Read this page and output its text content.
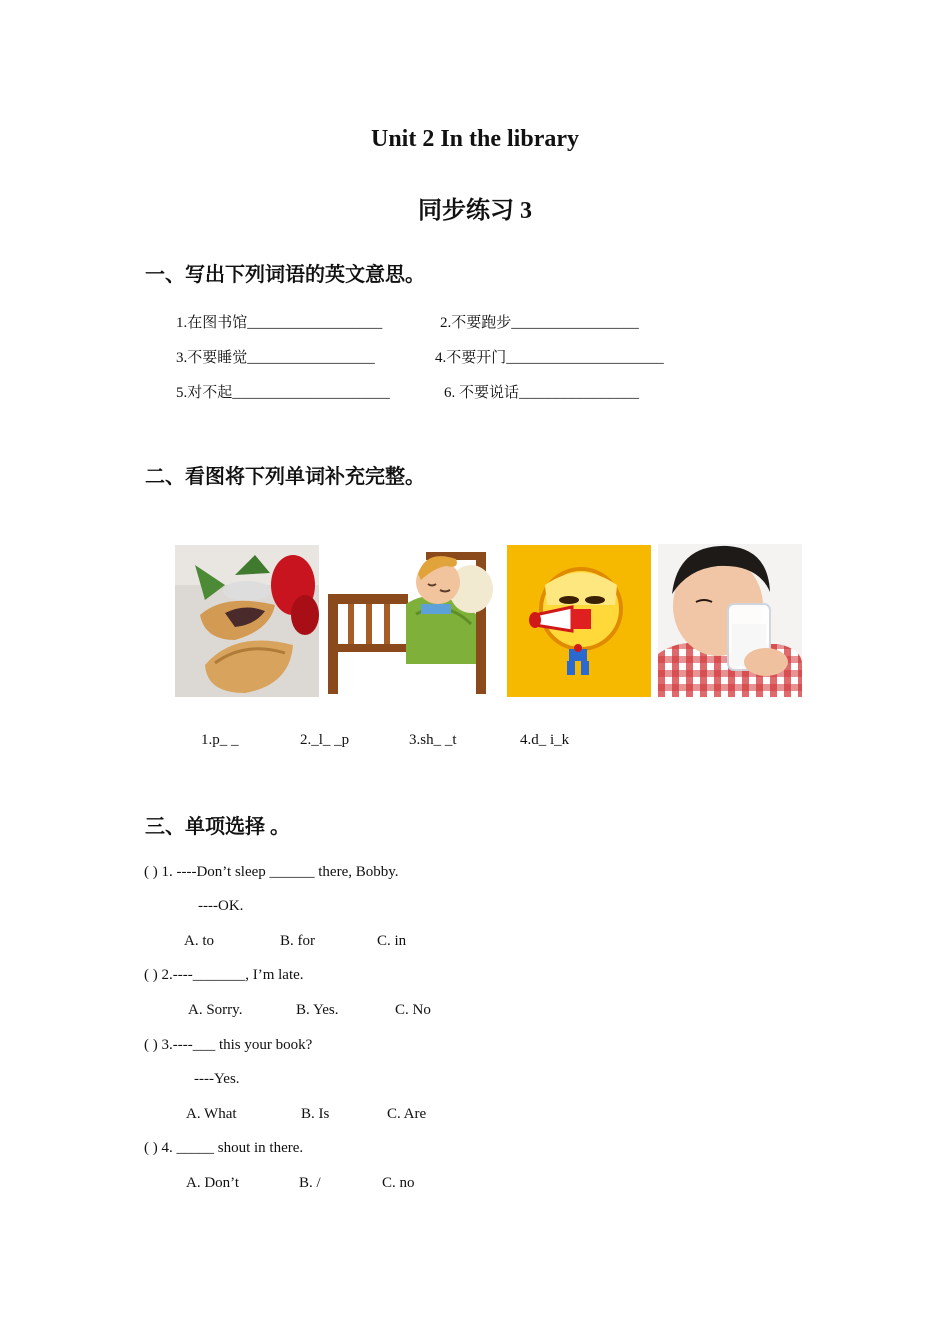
Unit 2 In the library
同步练习 3
一、写出下列词语的英文意思。
1.在图书馆__________________	2.不要跑步_________________
3.不要睡觉_________________	4.不要开门_____________________
5.对不起_____________________	6. 不要说话________________
二、看图将下列单词补充完整。
1.p_ _	2._l_ _p	3.sh_ _t	4.d_ i_k
三、单项选择 。
( ) 1. ----Don’t sleep ______ there, Bobby.
----OK.
A. to	B. for	C. in
( ) 2.----_______, I’m late.
A. Sorry.	B. Yes.	C. No
( ) 3.----___ this your book?
----Yes.
A. What	B. Is	C. Are
( ) 4. _____ shout in there.
A. Don’t	B. /	C. no
